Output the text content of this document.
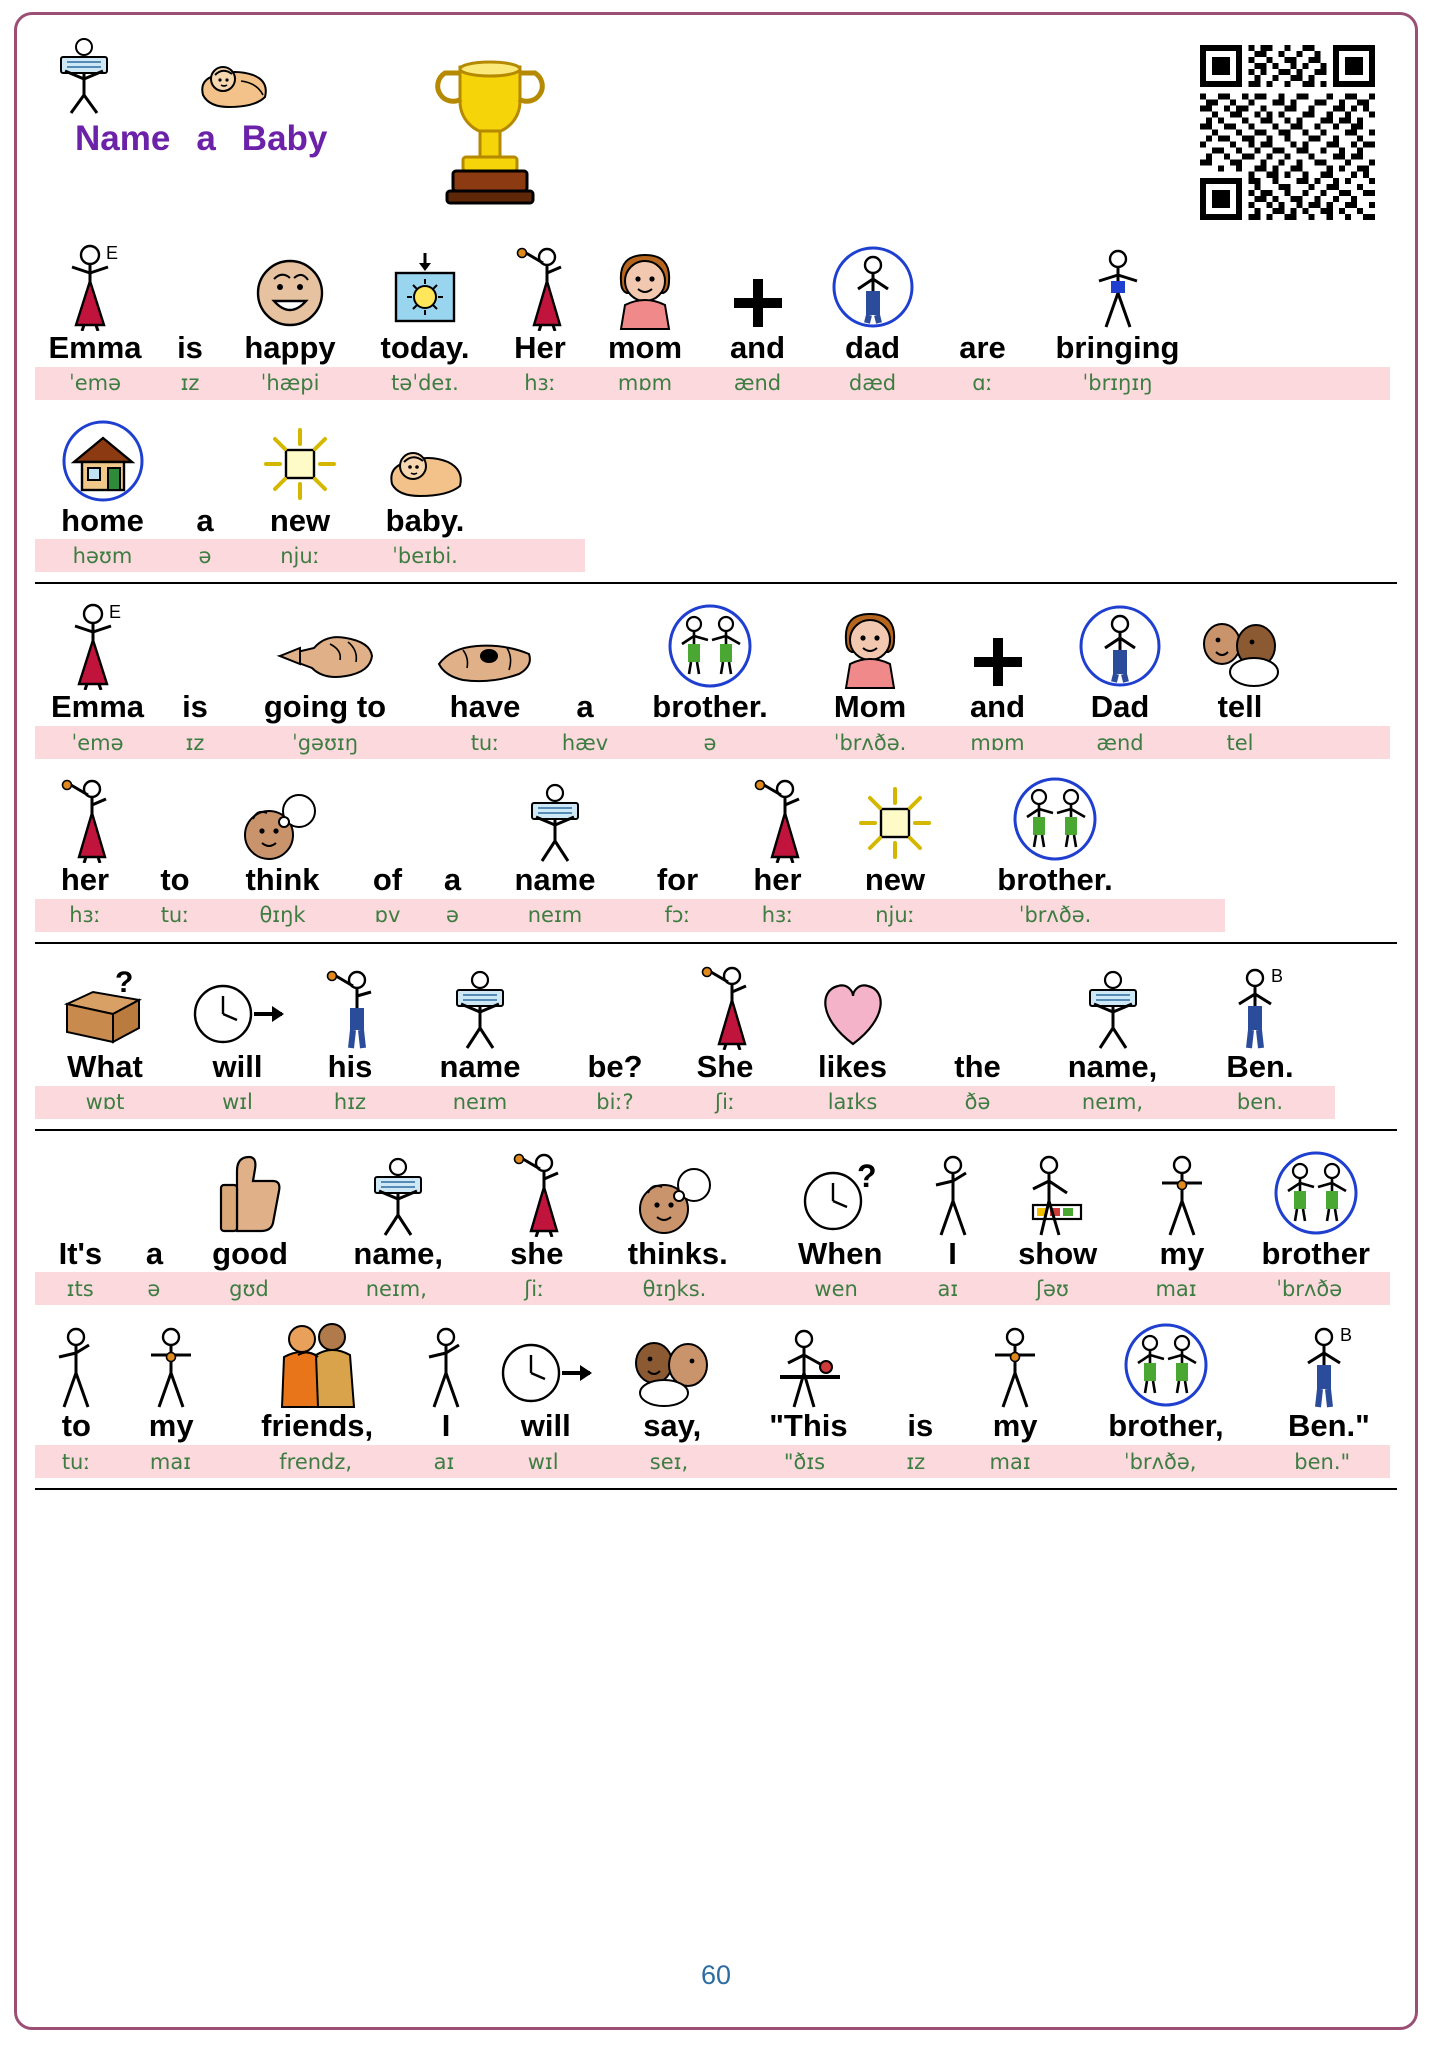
Name a Baby
E
Emma is happy today. Her mom and dad are bringing
ˈemə	ɪz	ˈhæpi	təˈdeɪ.	hɜː	mɒm	ænd	dæd	ɑː	ˈbrɪŋɪŋ
home a new baby.
həʊm	ə	njuː	ˈbeɪbi.
E
Emma is going to have a brother. Mom and Dad tell
ˈemə	ɪz	ˈgəʊɪŋ	tuː	hæv	ə	ˈbrʌðə.	mɒm	ænd	tel
her to think of a name for her new brother.
hɜː	tuː	θɪŋk	ɒv	ə	neɪm	fɔː	hɜː	njuː	ˈbrʌðə.
?
What will his name be? She likes the name,
B
Ben.
wɒt	wɪl	hɪz	neɪm	biː?	ʃiː	laɪks	ðə	neɪm,	ben.
It's a good name, she thinks.
?
When I show my brother
ɪts	ə	gʊd	neɪm,	ʃiː	θɪŋks.	wen	aɪ	ʃəʊ	maɪ	ˈbrʌðə
to my friends, I will say, "This is my brother,
B
Ben."
tuː	maɪ	frendz,	aɪ	wɪl	seɪ,	"ðɪs	ɪz	maɪ	ˈbrʌðə,	ben."
60
